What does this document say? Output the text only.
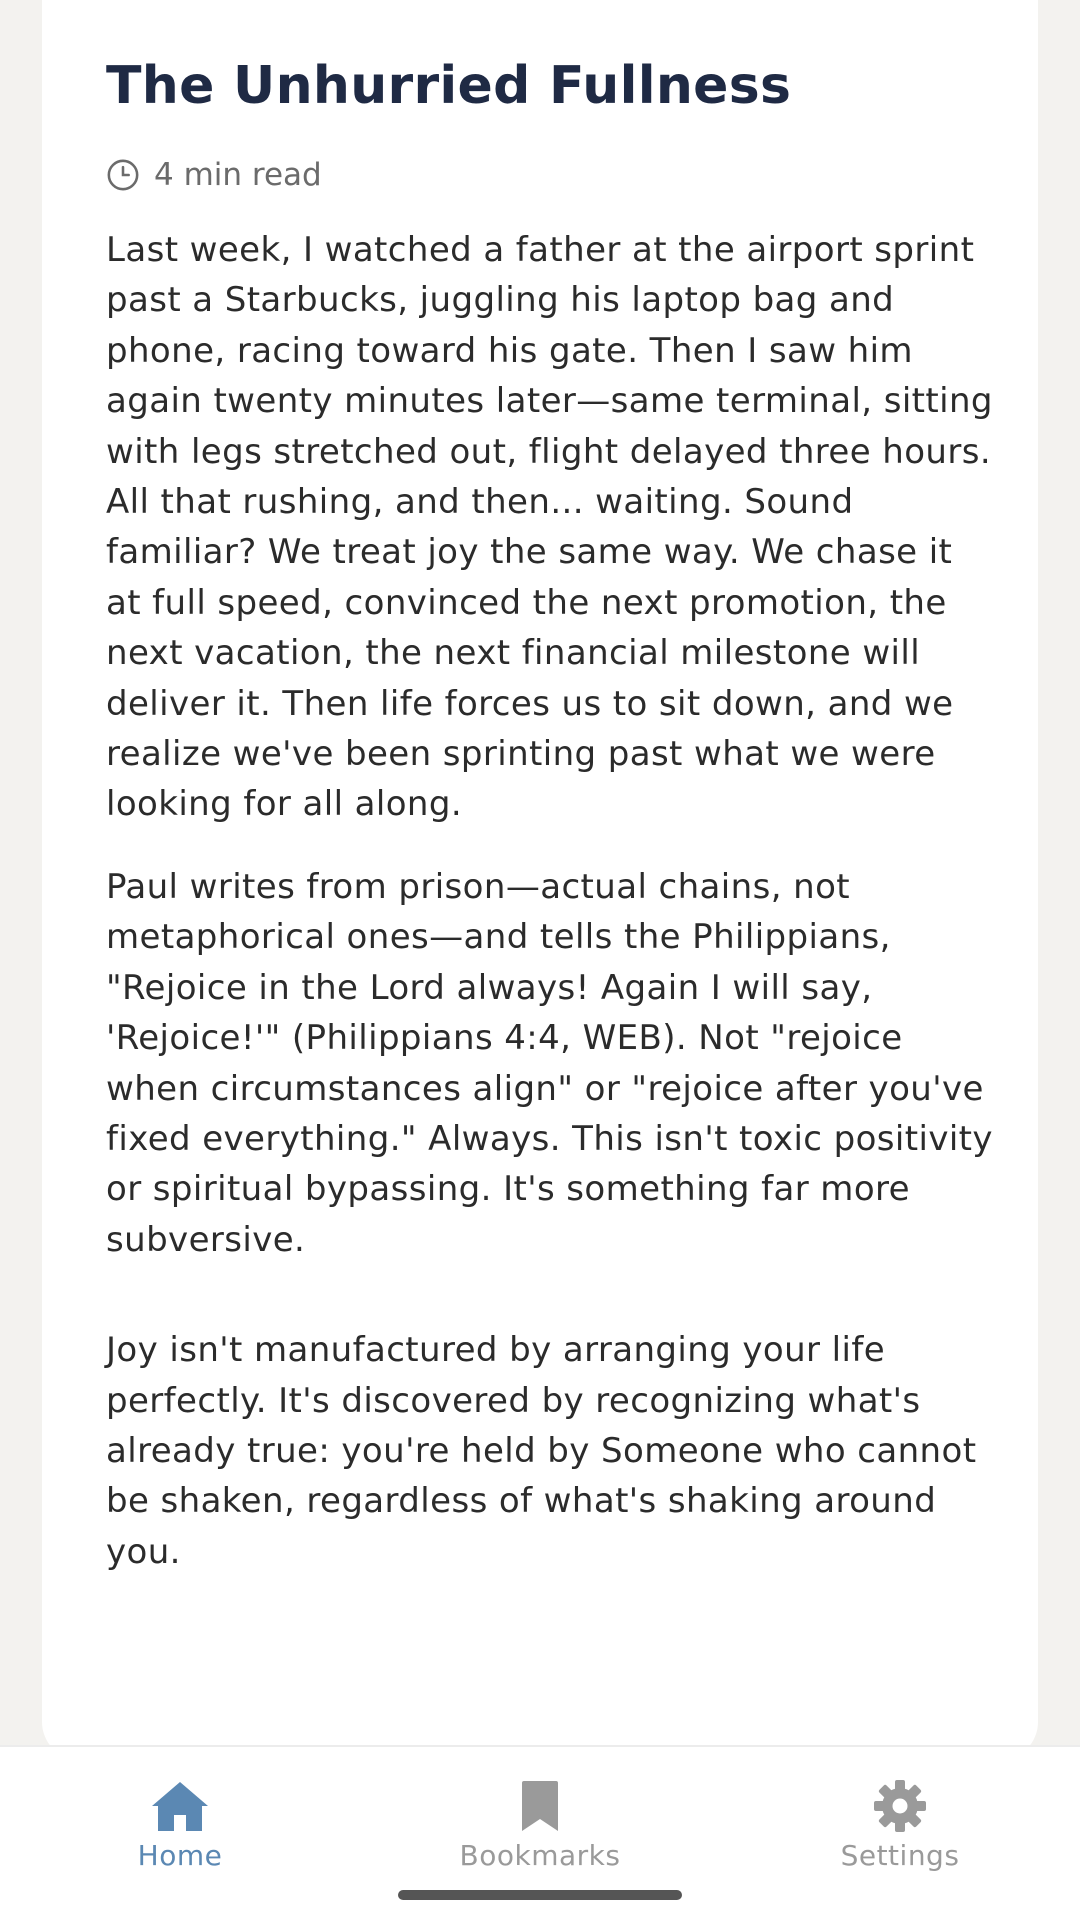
The Unhurried Fullness
4 min read

Last week, I watched a father at the airport sprint past a Starbucks, juggling his laptop bag and phone, racing toward his gate. Then I saw him again twenty minutes later—same terminal, sitting with legs stretched out, flight delayed three hours. All that rushing, and then... waiting. Sound familiar? We treat joy the same way. We chase it at full speed, convinced the next promotion, the next vacation, the next financial milestone will deliver it. Then life forces us to sit down, and we realize we've been sprinting past what we were looking for all along.

Paul writes from prison—actual chains, not metaphorical ones—and tells the Philippians, "Rejoice in the Lord always! Again I will say, 'Rejoice!'" (Philippians 4:4, WEB). Not "rejoice when circumstances align" or "rejoice after you've fixed everything." Always. This isn't toxic positivity or spiritual bypassing. It's something far more subversive.

Joy isn't manufactured by arranging your life perfectly. It's discovered by recognizing what's already true: you're held by Someone who cannot be shaken, regardless of what's shaking around you.

Home	Bookmarks	Settings
